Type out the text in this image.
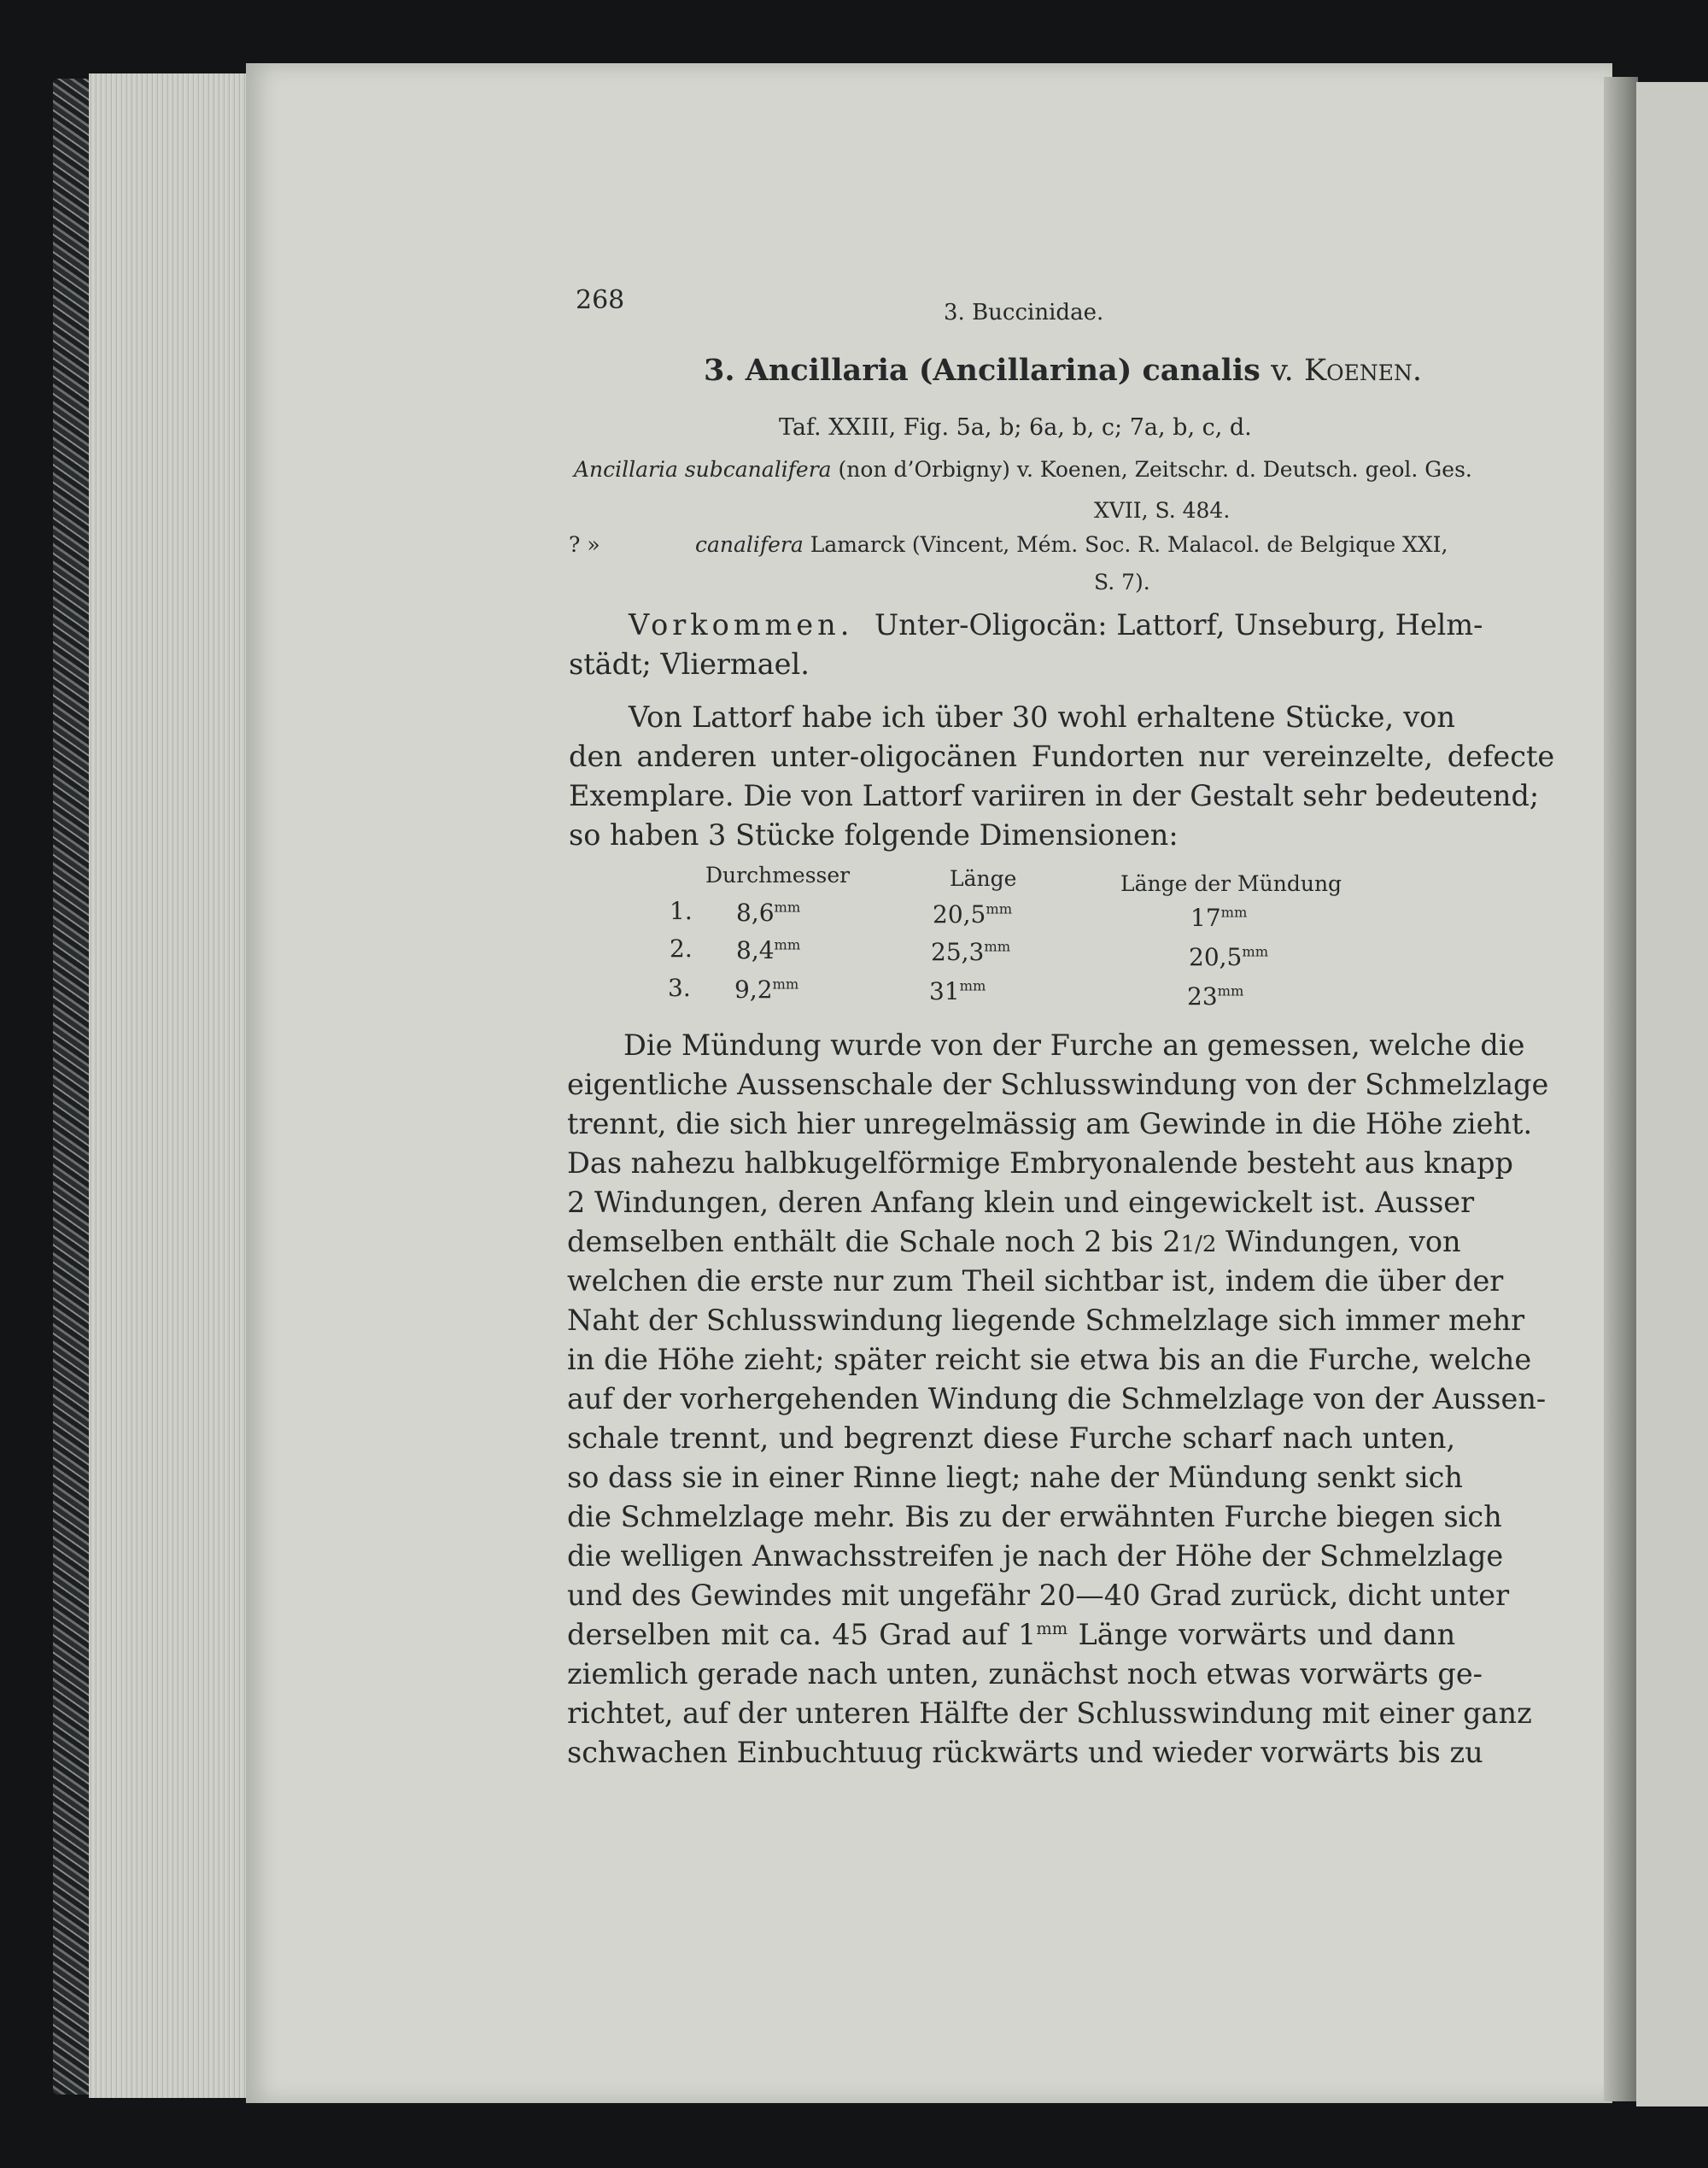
268	3. Buccinidae.
3. Ancillaria (Ancillarina) canalis v. Koenen.
Taf. XXIII, Fig. 5a, b; 6a, b, c; 7a, b, c, d.
Ancillaria subcanalifera (non d’Orbigny) v. Koenen, Zeitschr. d. Deutsch. geol. Ges.
XVII, S. 484.
? »	canalifera Lamarck (Vincent, Mém. Soc. R. Malacol. de Belgique XXI,
S. 7).
Vorkommen. Unter-Oligocän: Lattorf, Unseburg, Helm-
städt; Vliermael.
Von Lattorf habe ich über 30 wohl erhaltene Stücke, von
den anderen unter-oligocänen Fundorten nur vereinzelte, defecte
Exemplare. Die von Lattorf variiren in der Gestalt sehr bedeutend;
so haben 3 Stücke folgende Dimensionen:
Durchmesser	Länge	Länge der Mündung
1. $8,6^{mm}$	$20,5^{mm}$	$17^{mm}$
2. $8,4^{mm}$	$25,3^{mm}$	$20,5^{mm}$
3. $9,2^{mm}$	$31^{mm}$	$23^{mm}$
Die Mündung wurde von der Furche an gemessen, welche die
eigentliche Aussenschale der Schlusswindung von der Schmelzlage
trennt, die sich hier unregelmässig am Gewinde in die Höhe zieht.
Das nahezu halbkugelförmige Embryonalende besteht aus knapp
2 Windungen, deren Anfang klein und eingewickelt ist. Ausser
demselben enthält die Schale noch 2 bis 21/2 Windungen, von
welchen die erste nur zum Theil sichtbar ist, indem die über der
Naht der Schlusswindung liegende Schmelzlage sich immer mehr
in die Höhe zieht; später reicht sie etwa bis an die Furche, welche
auf der vorhergehenden Windung die Schmelzlage von der Aussen-
schale trennt, und begrenzt diese Furche scharf nach unten,
so dass sie in einer Rinne liegt; nahe der Mündung senkt sich
die Schmelzlage mehr. Bis zu der erwähnten Furche biegen sich
die welligen Anwachsstreifen je nach der Höhe der Schmelzlage
und des Gewindes mit ungefähr 20—40 Grad zurück, dicht unter
derselben mit ca. 45 Grad auf $1^{mm}$ Länge vorwärts und dann
ziemlich gerade nach unten, zunächst noch etwas vorwärts ge-
richtet, auf der unteren Hälfte der Schlusswindung mit einer ganz
schwachen Einbuchtuug rückwärts und wieder vorwärts bis zu
